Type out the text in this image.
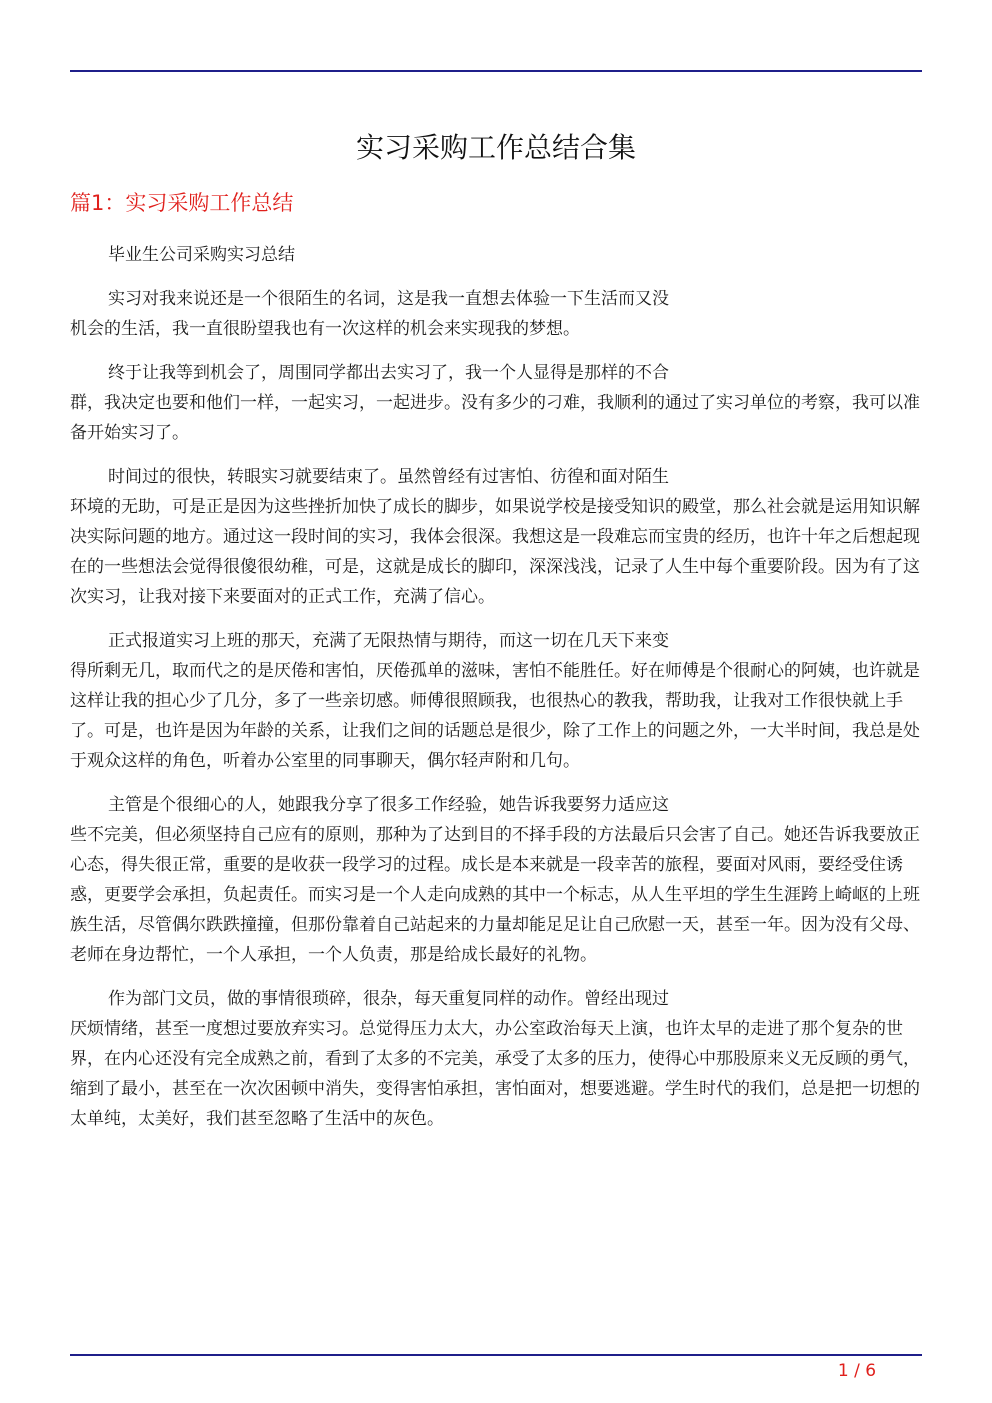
实习采购工作总结合集
篇1：实习采购工作总结

毕业生公司采购实习总结

实习对我来说还是一个很陌生的名词，这是我一直想去体验一下生活而又没
机会的生活，我一直很盼望我也有一次这样的机会来实现我的梦想。

终于让我等到机会了，周围同学都出去实习了，我一个人显得是那样的不合
群，我决定也要和他们一样，一起实习，一起进步。没有多少的刁难，我顺利的通过了实习单位的考察，我可以准备开始实习了。

时间过的很快，转眼实习就要结束了。虽然曾经有过害怕、彷徨和面对陌生
环境的无助，可是正是因为这些挫折加快了成长的脚步，如果说学校是接受知识的殿堂，那么社会就是运用知识解决实际问题的地方。通过这一段时间的实习，我体会很深。我想这是一段难忘而宝贵的经历，也许十年之后想起现在的一些想法会觉得很傻很幼稚，可是，这就是成长的脚印，深深浅浅，记录了人生中每个重要阶段。因为有了这次实习，让我对接下来要面对的正式工作，充满了信心。

正式报道实习上班的那天，充满了无限热情与期待，而这一切在几天下来变
得所剩无几，取而代之的是厌倦和害怕，厌倦孤单的滋味，害怕不能胜任。好在师傅是个很耐心的阿姨，也许就是这样让我的担心少了几分，多了一些亲切感。师傅很照顾我，也很热心的教我，帮助我，让我对工作很快就上手了。可是，也许是因为年龄的关系，让我们之间的话题总是很少，除了工作上的问题之外，一大半时间，我总是处于观众这样的角色，听着办公室里的同事聊天，偶尔轻声附和几句。

主管是个很细心的人，她跟我分享了很多工作经验，她告诉我要努力适应这
些不完美，但必须坚持自己应有的原则，那种为了达到目的不择手段的方法最后只会害了自己。她还告诉我要放正心态，得失很正常，重要的是收获一段学习的过程。成长是本来就是一段幸苦的旅程，要面对风雨，要经受住诱惑，更要学会承担，负起责任。而实习是一个人走向成熟的其中一个标志，从人生平坦的学生生涯跨上崎岖的上班族生活，尽管偶尔跌跌撞撞，但那份靠着自己站起来的力量却能足足让自己欣慰一天，甚至一年。因为没有父母、老师在身边帮忙，一个人承担，一个人负责，那是给成长最好的礼物。

作为部门文员，做的事情很琐碎，很杂，每天重复同样的动作。曾经出现过
厌烦情绪，甚至一度想过要放弃实习。总觉得压力太大，办公室政治每天上演，也许太早的走进了那个复杂的世界，在内心还没有完全成熟之前，看到了太多的不完美，承受了太多的压力，使得心中那股原来义无反顾的勇气，缩到了最小，甚至在一次次困顿中消失，变得害怕承担，害怕面对，想要逃避。学生时代的我们，总是把一切想的太单纯，太美好，我们甚至忽略了生活中的灰色。

1 / 6
